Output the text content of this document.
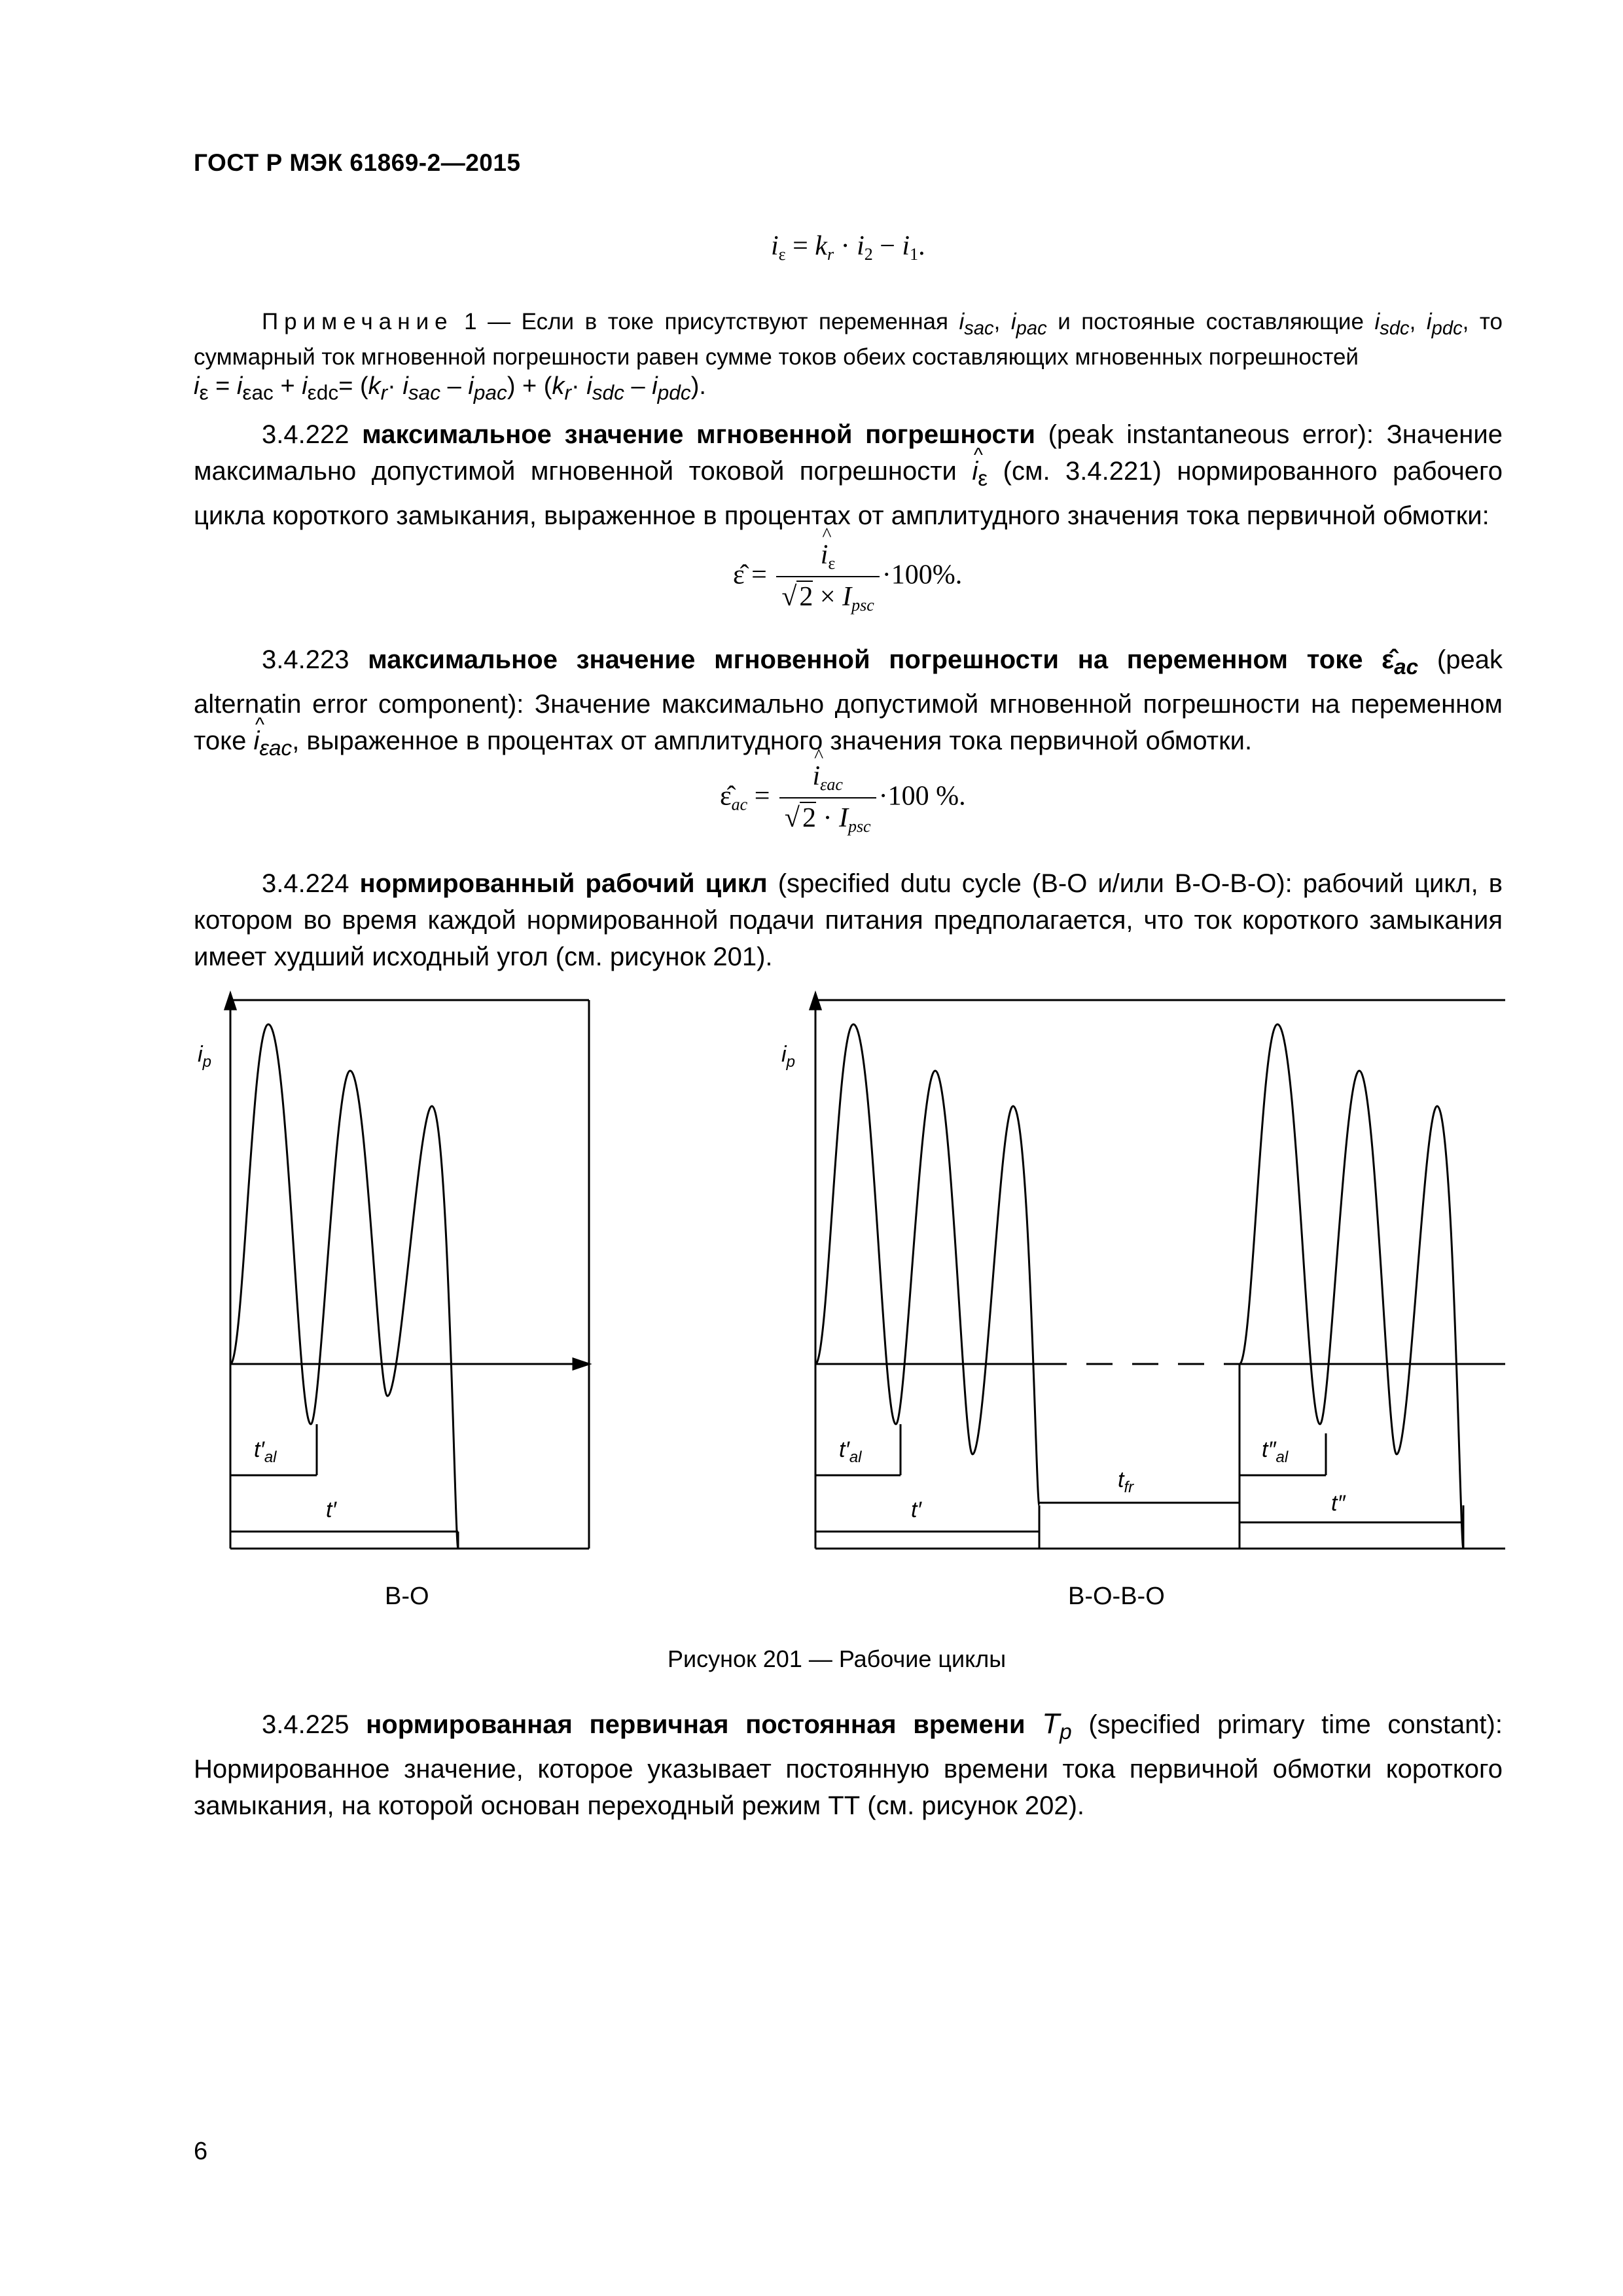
ГОСТ Р МЭК 61869-2—2015
$i_\varepsilon = k_r \cdot i_2 - i_1$.
Примечание 1 — Если в токе присутствуют переменная $i_{sac}$, $i_{pac}$ и постояные составляющие $i_{sdc}$, $i_{pdc}$, то суммарный ток мгновенной погрешности равен сумме токов обеих составляющих мгновенных погрешностей
$i_\varepsilon = i_{\varepsilon ac} + i_{\varepsilon dc}= (k_r\cdot i_{sac} - i_{pac}) + (k_r\cdot i_{sdc} - i_{pdc})$.
3.4.222 максимальное значение мгновенной погрешности (peak instantaneous error): Значение максимально допустимой мгновенной токовой погрешности ^ $i_\varepsilon$ (см. 3.4.221) нормированного рабочего цикла короткого замыкания, выраженное в процентах от амплитудного значения тока первичной обмотки:
ε̂ = ^ $\frac{i_\varepsilon}{√2 \times I_{psc}} \cdot 100\%$.
3.4.223 максимальное значение мгновенной погрешности на переменном токе $\varepsilon̂_{ac}$ (peak alternatin error component): Значение максимально допустимой мгновенной погрешности на переменном токе ^ $i_{\varepsilon ac}$, выраженное в процентах от амплитудного значения тока первичной обмотки.
$\varepsilon̂_{ac}$ = ^ $\frac{i_{\varepsilon ac}}{√2 \cdot I_{psc}} \cdot 100$ %.
3.4.224 нормированный рабочий цикл (specified dutu cycle (В-О и/или В-О-В-О): рабочий цикл, в котором во время каждой нормированной подачи питания предполагается, что ток короткого замыкания имеет худший исходный угол (см. рисунок 201).
$i_p$	$i_p$
$t'_{al}$
t′
$t'_{al}$
t′
$t_{fr}$
$t''_{al}$
t″
В-О	В-О-В-О
Рисунок 201 — Рабочие циклы
3.4.225 нормированная первичная постоянная времени $T_p$ (specified primary time constant): Нормированное значение, которое указывает постоянную времени тока первичной обмотки короткого замыкания, на которой основан переходный режим ТТ (см. рисунок 202).
6
